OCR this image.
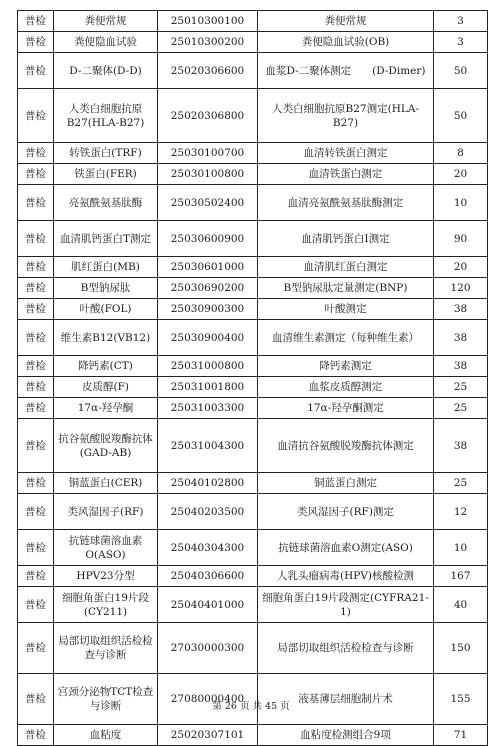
普检	粪便常规	25010300100	粪便常规	3
普检	粪便隐血试验	25010300200	粪便隐血试验(OB)	3
普检	D-二聚体(D-D)	25020306600	血浆D-二聚体测定　　(D-Dimer)	50
普检	人类白细胞抗原B27(HLA-B27)	25020306800	人类白细胞抗原B27测定(HLA-B27)	50
普检	转铁蛋白(TRF)	25030100700	血清转铁蛋白测定	8
普检	铁蛋白(FER)	25030100800	血清铁蛋白测定	20
普检	亮氨酰氨基肽酶	25030502400	血清亮氨酰氨基肽酶测定	10
普检	血清肌钙蛋白T测定	25030600900	血清肌钙蛋白Ⅰ测定	90
普检	肌红蛋白(MB)	25030601000	血清肌红蛋白测定	20
普检	B型钠尿肽	25030690200	B型钠尿肽定量测定(BNP)	120
普检	叶酸(FOL)	25030900300	叶酸测定	38
普检	维生素B12(VB12)	25030900400	血清维生素测定（每种维生素）	38
普检	降钙素(CT)	25031000800	降钙素测定	38
普检	皮质醇(F)	25031001800	血浆皮质醇测定	25
普检	17α-羟孕酮	25031003300	17α-羟孕酮测定	25
普检	抗谷氨酸脱羧酶抗体(GAD-AB)	25031004300	血清抗谷氨酸脱羧酶抗体测定	38
普检	铜蓝蛋白(CER)	25040102800	铜蓝蛋白测定	25
普检	类风湿因子(RF)	25040203500	类风湿因子(RF)测定	12
普检	抗链球菌溶血素O(ASO)	25040304300	抗链球菌溶血素O测定(ASO)	10
普检	HPV23分型	25040306600	人乳头瘤病毒(HPV)核酸检测	167
普检	细胞角蛋白19片段(CY211)	25040401000	细胞角蛋白19片段测定(CYFRA21- 1)	40
普检	局部切取组织活检检查与诊断	27030000300	局部切取组织活检检查与诊断	150
普检	宫颈分泌物TCT检查与诊断	27080000400	液基薄层细胞制片术	155
普检	血粘度	25020307101	血粘度检测组合9项	71
第 26 页 共 45 页
